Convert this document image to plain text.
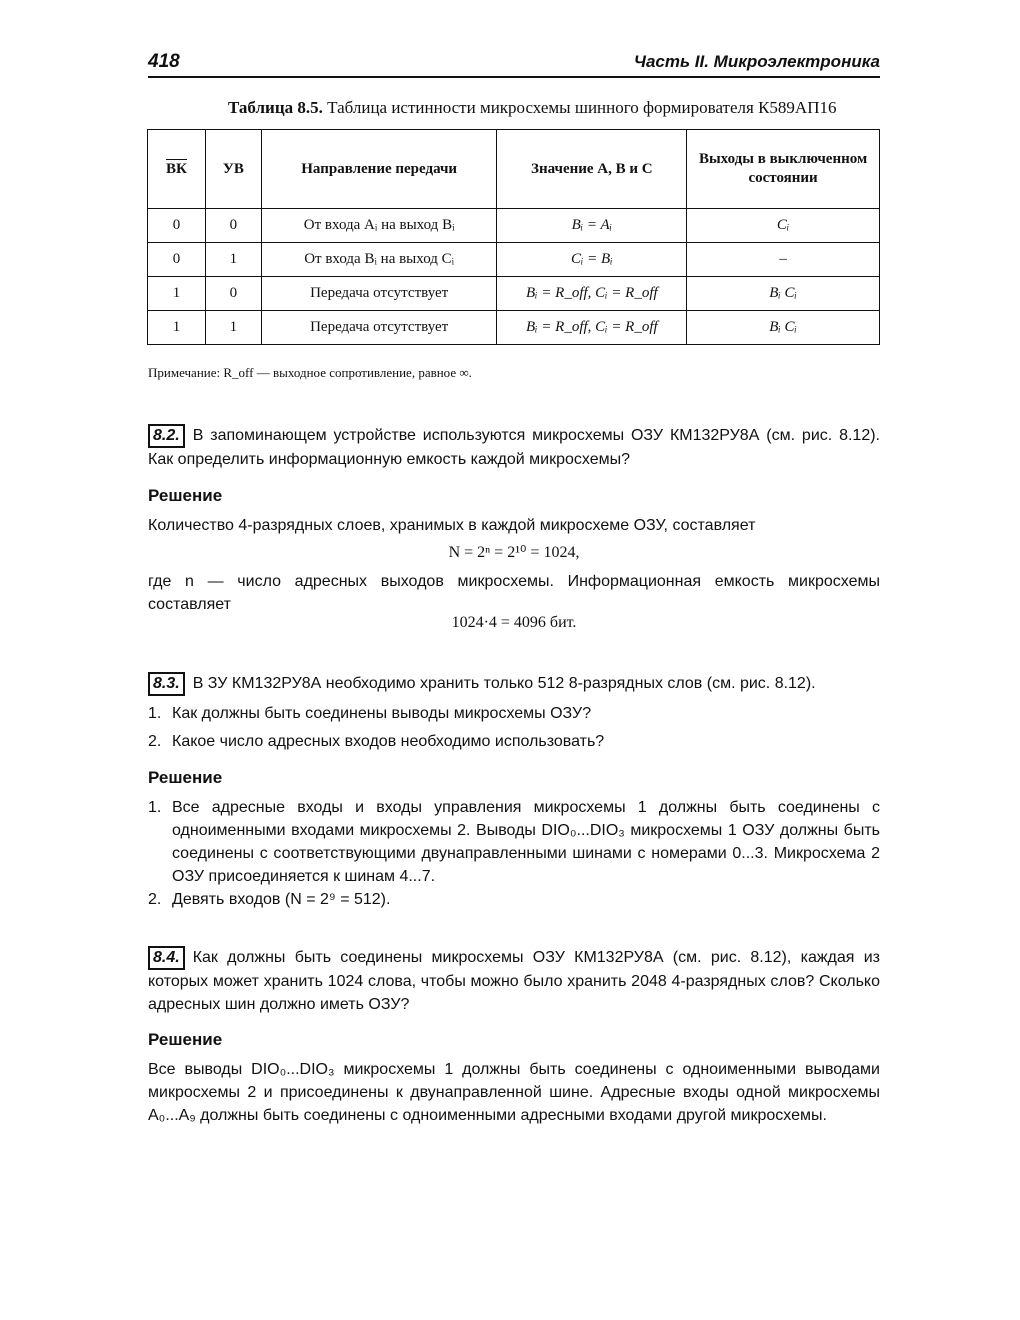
418	Часть II. Микроэлектроника
Таблица 8.5. Таблица истинности микросхемы шинного формирователя К589АП16
ВК	УВ	Направление передачи	Значение A, B и C	Выходы в выключенном состоянии
0	0	От входа Aᵢ на выход Bᵢ	Bᵢ = Aᵢ	Cᵢ
0	1	От входа Bᵢ на выход Cᵢ	Cᵢ = Bᵢ	–
1	0	Передача отсутствует	Bᵢ = R_off, Cᵢ = R_off	Bᵢ Cᵢ
1	1	Передача отсутствует	Bᵢ = R_off, Cᵢ = R_off	Bᵢ Cᵢ
Примечание: R_off — выходное сопротивление, равное ∞.
8.2. В запоминающем устройстве используются микросхемы ОЗУ КМ132РУ8А (см. рис. 8.12). Как определить информационную емкость каждой микросхемы?
Решение
Количество 4-разрядных слоев, хранимых в каждой микросхеме ОЗУ, составляет
N = 2ⁿ = 2¹⁰ = 1024,
где n — число адресных выходов микросхемы. Информационная емкость микросхемы составляет
1024·4 = 4096 бит.
8.3. В ЗУ КМ132РУ8А необходимо хранить только 512 8-разрядных слов (см. рис. 8.12).
1. Как должны быть соединены выводы микросхемы ОЗУ?
2. Какое число адресных входов необходимо использовать?
Решение
1. Все адресные входы и входы управления микросхемы 1 должны быть соединены с одноименными входами микросхемы 2. Выводы DIO₀...DIO₃ микросхемы 1 ОЗУ должны быть соединены с соответствующими двунаправленными шинами с номерами 0...3. Микросхема 2 ОЗУ присоединяется к шинам 4...7.
2. Девять входов (N = 2⁹ = 512).
8.4. Как должны быть соединены микросхемы ОЗУ КМ132РУ8А (см. рис. 8.12), каждая из которых может хранить 1024 слова, чтобы можно было хранить 2048 4-разрядных слов? Сколько адресных шин должно иметь ОЗУ?
Решение
Все выводы DIO₀...DIO₃ микросхемы 1 должны быть соединены с одноименными выводами микросхемы 2 и присоединены к двунаправленной шине. Адресные входы одной микросхемы A₀...A₉ должны быть соединены с одноименными адресными входами другой микросхемы.
